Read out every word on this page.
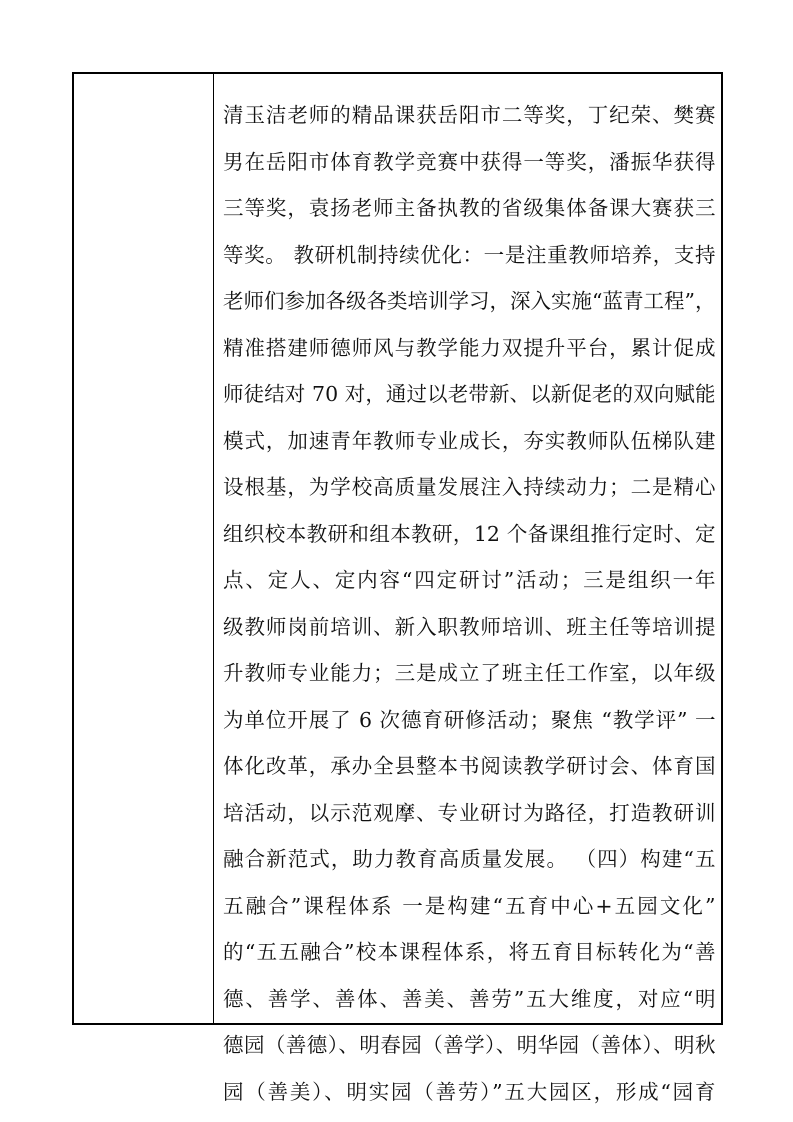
清玉洁老师的精品课获岳阳市二等奖，丁纪荣、樊赛

男在岳阳市体育教学竞赛中获得一等奖，潘振华获得

三等奖，袁扬老师主备执教的省级集体备课大赛获三

等奖。 教研机制持续优化：一是注重教师培养，支持

老师们参加各级各类培训学习，深入实施“蓝青工程”，

精准搭建师德师风与教学能力双提升平台，累计促成

师徒结对 70 对，通过以老带新、以新促老的双向赋能

模式，加速青年教师专业成长，夯实教师队伍梯队建

设根基，为学校高质量发展注入持续动力；二是精心

组织校本教研和组本教研，12 个备课组推行定时、定

点、定人、定内容“四定研讨”活动；三是组织一年

级教师岗前培训、新入职教师培训、班主任等培训提

升教师专业能力；三是成立了班主任工作室，以年级

为单位开展了 6 次德育研修活动；聚焦 “教学评” 一

体化改革，承办全县整本书阅读教学研讨会、体育国

培活动，以示范观摩、专业研讨为路径，打造教研训

融合新范式，助力教育高质量发展。 （四）构建“五

五融合”课程体系 一是构建“五育中心+五园文化”

的“五五融合”校本课程体系，将五育目标转化为“善

德、善学、善体、善美、善劳”五大维度，对应“明

德园（善德）、明春园（善学）、明华园（善体）、明秋

园（善美）、明实园（善劳）”五大园区，形成“园育
